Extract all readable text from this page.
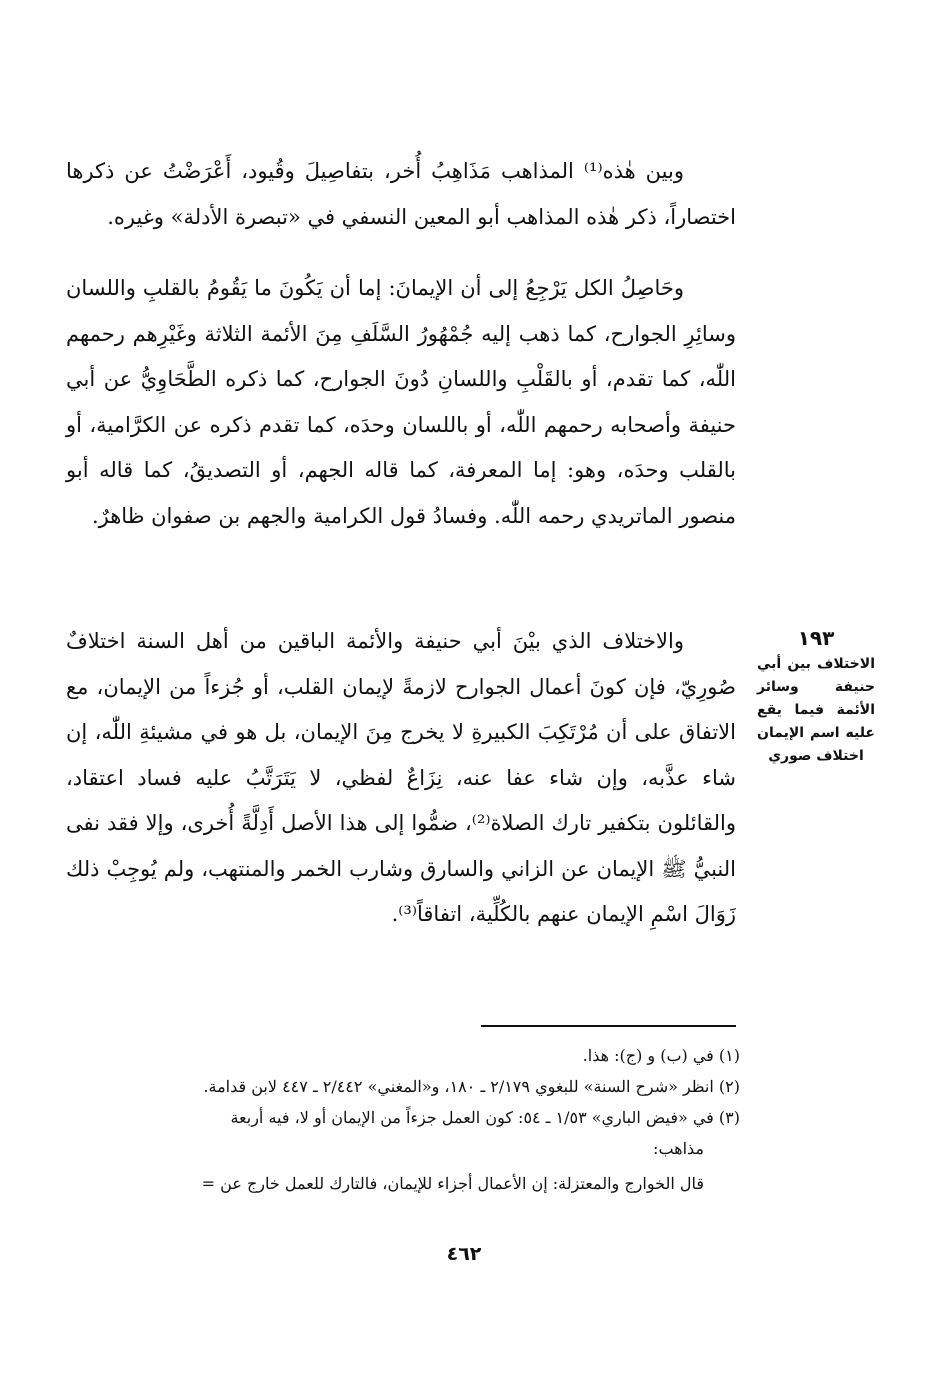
وبين هٰذه⁽¹⁾ المذاهب مَذَاهِبُ أُخر، بتفاصِيلَ وقُيود، أَعْرَضْتُ عن ذكرها اختصاراً، ذكر هٰذه المذاهب أبو المعين النسفي في «تبصرة الأدلة» وغيره.

وحَاصِلُ الكل يَرْجِعُ إلى أن الإيمانَ: إما أن يَكُونَ ما يَقُومُ بالقلبِ واللسان وسائِرِ الجوارح، كما ذهب إليه جُمْهُورُ السَّلَفِ مِنَ الأئمة الثلاثة وغَيْرِهم رحمهم اللّٰه، كما تقدم، أو بالقَلْبِ واللسانِ دُونَ الجوارح، كما ذكره الطَّحَاوِيُّ عن أبي حنيفة وأصحابه رحمهم اللّٰه، أو باللسان وحدَه، كما تقدم ذكره عن الكرَّامية، أو بالقلب وحدَه، وهو: إما المعرفة، كما قاله الجهم، أو التصديقُ، كما قاله أبو منصور الماتريدي رحمه اللّٰه. وفسادُ قول الكرامية والجهم بن صفوان ظاهرٌ.

والاختلاف الذي بيْنَ أبي حنيفة والأئمة الباقين من أهل السنة اختلافٌ صُورِيّ، فإن كونَ أعمال الجوارح لازمةً لإيمان القلب، أو جُزءاً من الإيمان، مع الاتفاق على أن مُرْتَكِبَ الكبيرةِ لا يخرج مِنَ الإيمان، بل هو في مشيئةِ اللّٰه، إن شاء عذَّبه، وإن شاء عفا عنه، نِزَاعٌ لفظي، لا يَتَرَتَّبُ عليه فساد اعتقاد، والقائلون بتكفير تارك الصلاة⁽²⁾، ضمُّوا إلى هذا الأصل أَدِلَّةً أُخرى، وإلا فقد نفى النبيُّ ﷺ الإيمان عن الزاني والسارق وشارب الخمر والمنتهب، ولم يُوجِبْ ذلك زَوَالَ اسْمِ الإيمان عنهم بالكُلِّية، اتفاقاً⁽³⁾.

١٩٣
الاختلاف بين أبي حنيفة وسائر الأئمة فيما يقع عليه اسم الإيمان اختلاف صوري

(١) في (ب) و (ج): هذا.

(٢) انظر «شرح السنة» للبغوي ٢/١٧٩ ـ ١٨٠، و«المغني» ٢/٤٤٢ ـ ٤٤٧ لابن قدامة.

(٣) في «فيض الباري» ١/٥٣ ـ ٥٤: كون العمل جزءاً من الإيمان أو لا، فيه أربعة

مذاهب:

قال الخوارج والمعتزلة: إن الأعمال أجزاء للإيمان، فالتارك للعمل خارج عن =

٤٦٢
